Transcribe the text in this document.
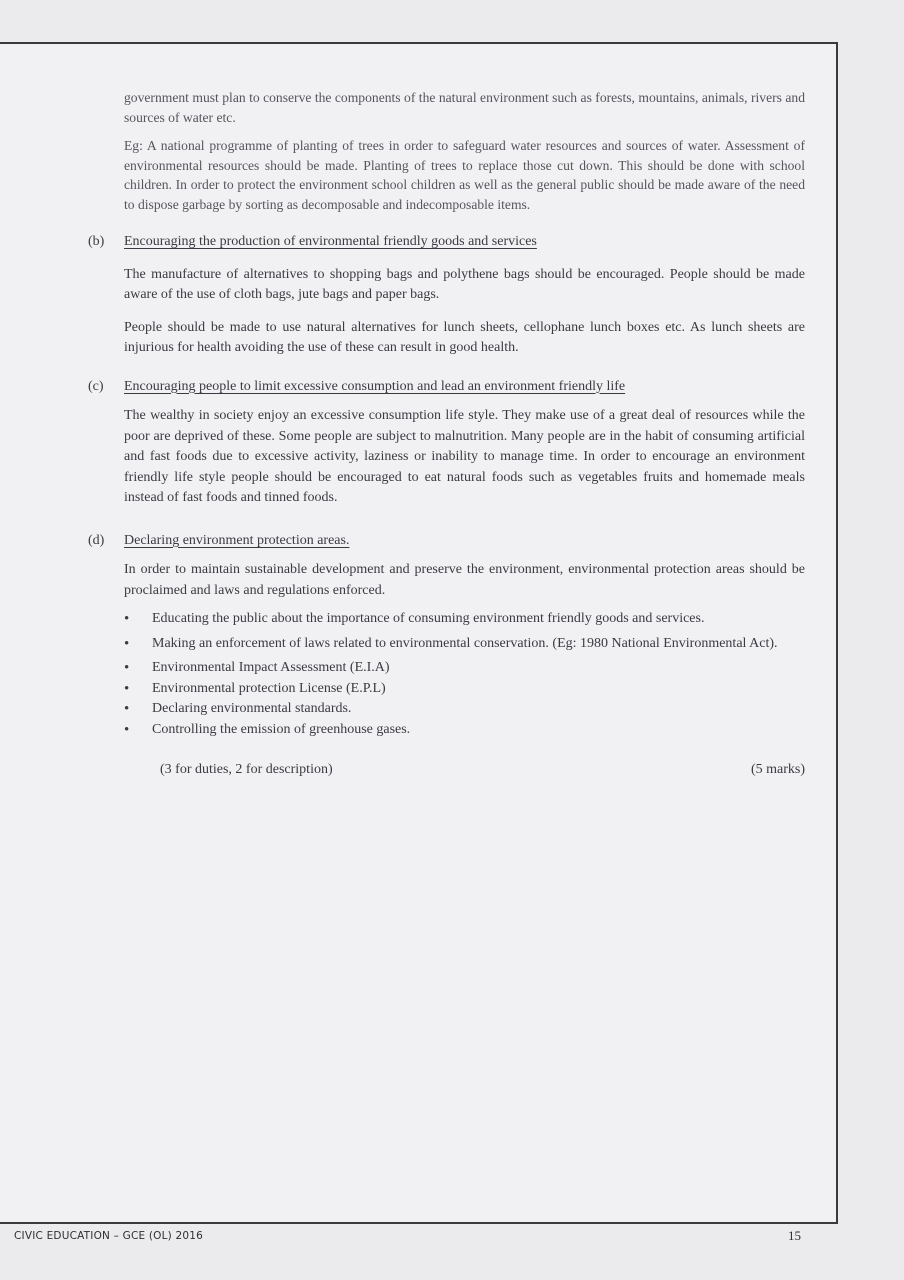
government must plan to conserve the components of the natural environment such as forests, mountains, animals, rivers and sources of water etc.

Eg: A national programme of planting of trees in order to safeguard water resources and sources of water. Assessment of environmental resources should be made. Planting of trees to replace those cut down. This should be done with school children. In order to protect the environment school children as well as the general public should be made aware of the need to dispose garbage by sorting as decomposable and indecomposable items.

(b)	Encouraging the production of environmental friendly goods and services

The manufacture of alternatives to shopping bags and polythene bags should be encouraged. People should be made aware of the use of cloth bags, jute bags and paper bags.

People should be made to use natural alternatives for lunch sheets, cellophane lunch boxes etc. As lunch sheets are injurious for health avoiding the use of these can result in good health.

(c)	Encouraging people to limit excessive consumption and lead an environment friendly life

The wealthy in society enjoy an excessive consumption life style. They make use of a great deal of resources while the poor are deprived of these. Some people are subject to malnutrition. Many people are in the habit of consuming artificial and fast foods due to excessive activity, laziness or inability to manage time. In order to encourage an environment friendly life style people should be encouraged to eat natural foods such as vegetables fruits and homemade meals instead of fast foods and tinned foods.

(d)	Declaring environment protection areas.

In order to maintain sustainable development and preserve the environment, environmental protection areas should be proclaimed and laws and regulations enforced.

•	Educating the public about the importance of consuming environment friendly goods and services.
•	Making an enforcement of laws related to environmental conservation. (Eg: 1980 National Environmental Act).
•	Environmental Impact Assessment (E.I.A)
•	Environmental protection License (E.P.L)
•	Declaring environmental standards.
•	Controlling the emission of greenhouse gases.
(3 for duties, 2 for description)	(5 marks)
CIVIC EDUCATION – GCE (OL) 2016	15
